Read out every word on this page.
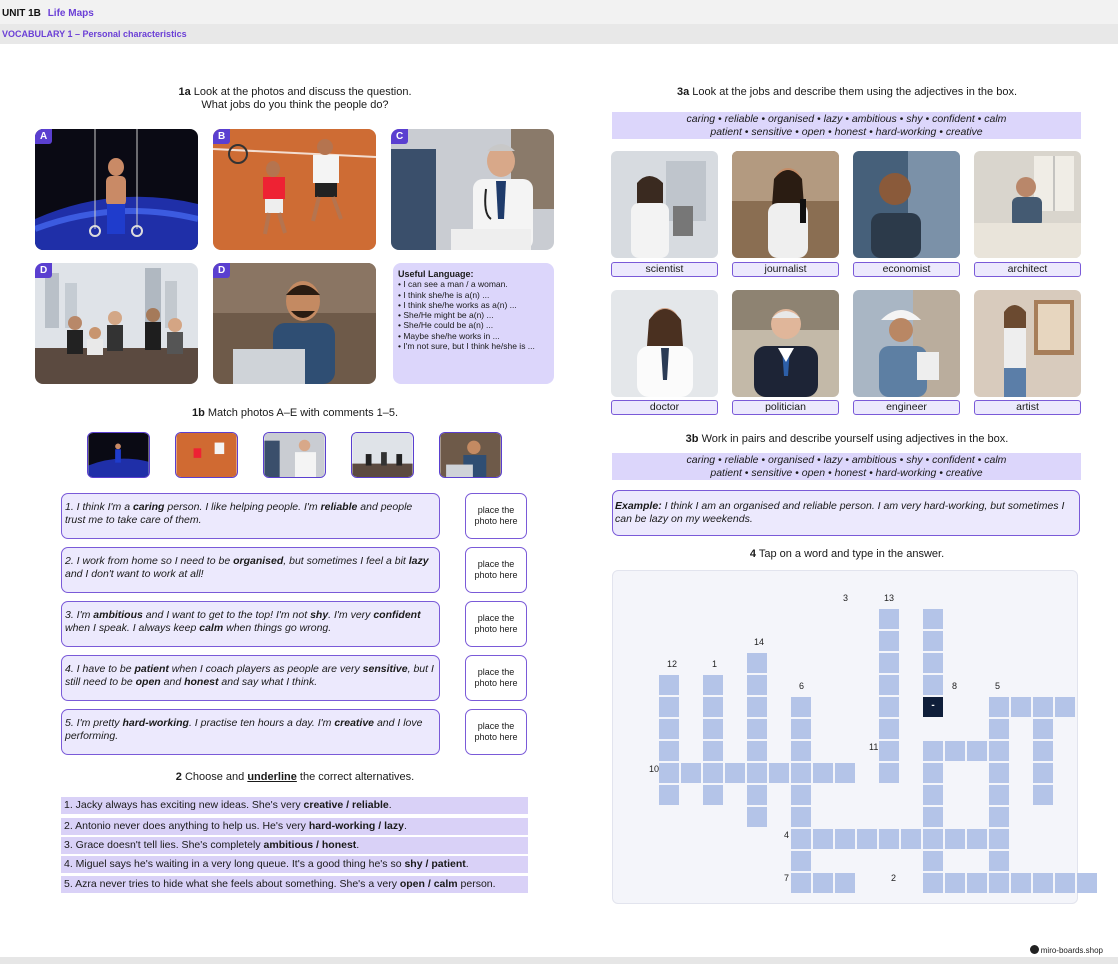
UNIT 1B Life Maps
VOCABULARY 1 – Personal characteristics
1a Look at the photos and discuss the question.
What jobs do you think the people do?
A	B	C
D	D	Useful Language:
• I can see a man / a woman.
• I think she/he is a(n) ...
• I think she/he works as a(n) ...
• She/He might be a(n) ...
• She/He could be a(n) ...
• Maybe she/he works in ...
• I'm not sure, but I think he/she is ...
1b Match photos A–E with comments 1–5.
1. I think I'm a caring person. I like helping people. I'm reliable and people trust me to take care of them.
2. I work from home so I need to be organised, but sometimes I feel a bit lazy and I don't want to work at all!
3. I'm ambitious and I want to get to the top! I'm not shy. I'm very confident when I speak. I always keep calm when things go wrong.
4. I have to be patient when I coach players as people are very sensitive, but I still need to be open and honest and say what I think.
5. I'm pretty hard-working. I practise ten hours a day. I'm creative and I love performing.
place the
photo here
place the
photo here
place the
photo here
place the
photo here
place the
photo here
2 Choose and underline the correct alternatives.
1. Jacky always has exciting new ideas. She's very creative / reliable.
2. Antonio never does anything to help us. He's very hard-working / lazy.
3. Grace doesn't tell lies. She's completely ambitious / honest.
4. Miguel says he's waiting in a very long queue. It's a good thing he's so shy / patient.
5. Azra never tries to hide what she feels about something. She's a very open / calm person.
3a Look at the jobs and describe them using the adjectives in the box.
caring • reliable • organised • lazy • ambitious • shy • confident • calm
patient • sensitive • open • honest • hard-working • creative
scientist	journalist	economist	architect
doctor	politician	engineer	artist
3b Work in pairs and describe yourself using adjectives in the box.
caring • reliable • organised • lazy • ambitious • shy • confident • calm
patient • sensitive • open • honest • hard-working • creative
Example: I think I am an organised and reliable person. I am very hard-working, but sometimes I can be lazy on my weekends.
4 Tap on a word and type in the answer.
3	13
14
12	1
6	8	5
11
10
4
7	2
-
miro-boards.shop
